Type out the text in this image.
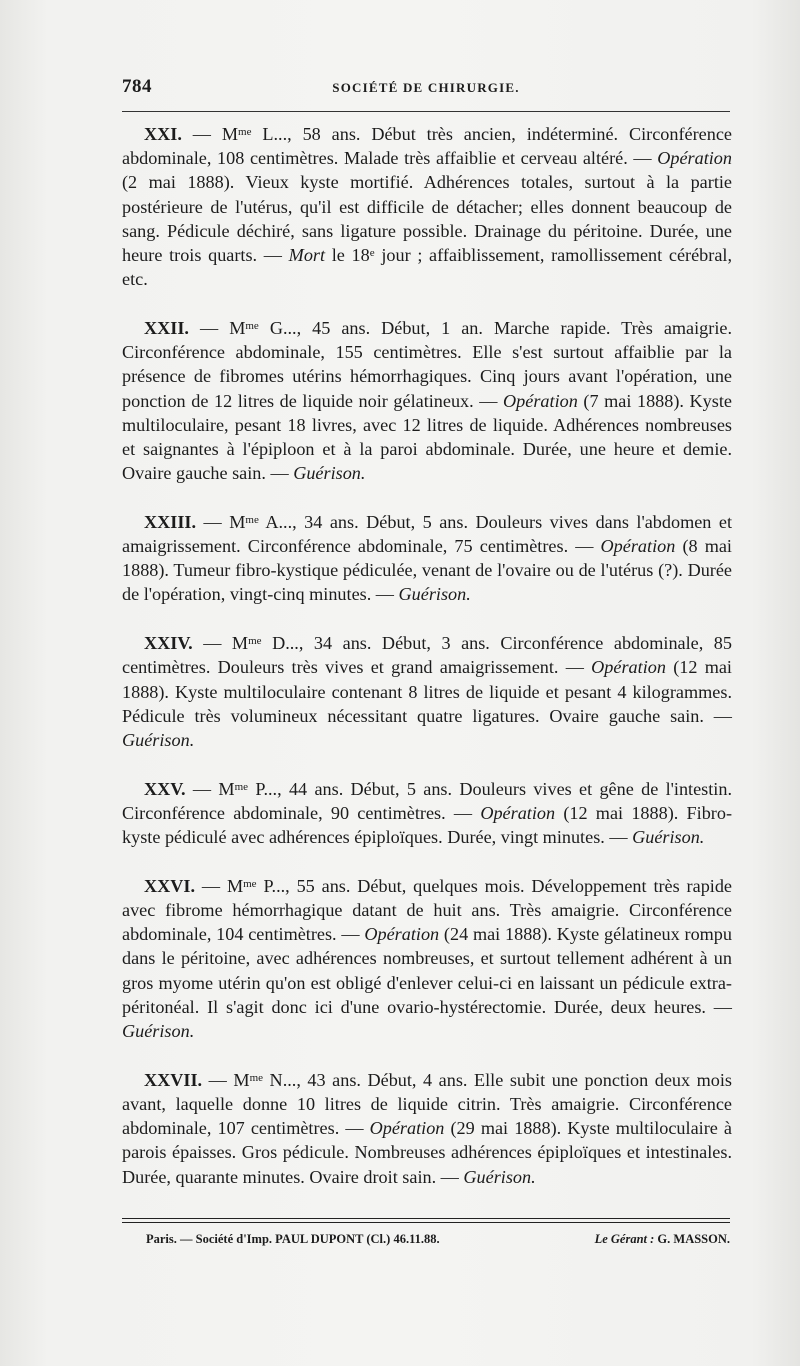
784	SOCIÉTÉ DE CHIRURGIE.

XXI. — $M^{me}$ L..., 58 ans. Début très ancien, indéterminé. Circonférence abdominale, 108 centimètres. Malade très affaiblie et cerveau altéré. — Opération (2 mai 1888). Vieux kyste mortifié. Adhérences totales, surtout à la partie postérieure de l'utérus, qu'il est difficile de détacher; elles donnent beaucoup de sang. Pédicule déchiré, sans ligature possible. Drainage du péritoine. Durée, une heure trois quarts. — Mort le 18e jour ; affaiblissement, ramollissement cérébral, etc.

XXII. — $M^{me}$ G..., 45 ans. Début, 1 an. Marche rapide. Très amaigrie. Circonférence abdominale, 155 centimètres. Elle s'est surtout affaiblie par la présence de fibromes utérins hémorrhagiques. Cinq jours avant l'opération, une ponction de 12 litres de liquide noir gélatineux. — Opération (7 mai 1888). Kyste multiloculaire, pesant 18 livres, avec 12 litres de liquide. Adhérences nombreuses et saignantes à l'épiploon et à la paroi abdominale. Durée, une heure et demie. Ovaire gauche sain. — Guérison.

XXIII. — $M^{me}$ A..., 34 ans. Début, 5 ans. Douleurs vives dans l'abdomen et amaigrissement. Circonférence abdominale, 75 centimètres. — Opération (8 mai 1888). Tumeur fibro-kystique pédiculée, venant de l'ovaire ou de l'utérus (?). Durée de l'opération, vingt-cinq minutes. — Guérison.

XXIV. — $M^{me}$ D..., 34 ans. Début, 3 ans. Circonférence abdominale, 85 centimètres. Douleurs très vives et grand amaigrissement. — Opération (12 mai 1888). Kyste multiloculaire contenant 8 litres de liquide et pesant 4 kilogrammes. Pédicule très volumineux nécessitant quatre ligatures. Ovaire gauche sain. — Guérison.

XXV. — $M^{me}$ P..., 44 ans. Début, 5 ans. Douleurs vives et gêne de l'intestin. Circonférence abdominale, 90 centimètres. — Opération (12 mai 1888). Fibro-kyste pédiculé avec adhérences épiploïques. Durée, vingt minutes. — Guérison.

XXVI. — $M^{me}$ P..., 55 ans. Début, quelques mois. Développement très rapide avec fibrome hémorrhagique datant de huit ans. Très amaigrie. Circonférence abdominale, 104 centimètres. — Opération (24 mai 1888). Kyste gélatineux rompu dans le péritoine, avec adhérences nombreuses, et surtout tellement adhérent à un gros myome utérin qu'on est obligé d'enlever celui-ci en laissant un pédicule extra-péritonéal. Il s'agit donc ici d'une ovario-hystérectomie. Durée, deux heures. — Guérison.

XXVII. — $M^{me}$ N..., 43 ans. Début, 4 ans. Elle subit une ponction deux mois avant, laquelle donne 10 litres de liquide citrin. Très amaigrie. Circonférence abdominale, 107 centimètres. — Opération (29 mai 1888). Kyste multiloculaire à parois épaisses. Gros pédicule. Nombreuses adhérences épiploïques et intestinales. Durée, quarante minutes. Ovaire droit sain. — Guérison.

Paris. — Société d'Imp. PAUL DUPONT (Cl.) 46.11.88.	Le Gérant : G. MASSON.
